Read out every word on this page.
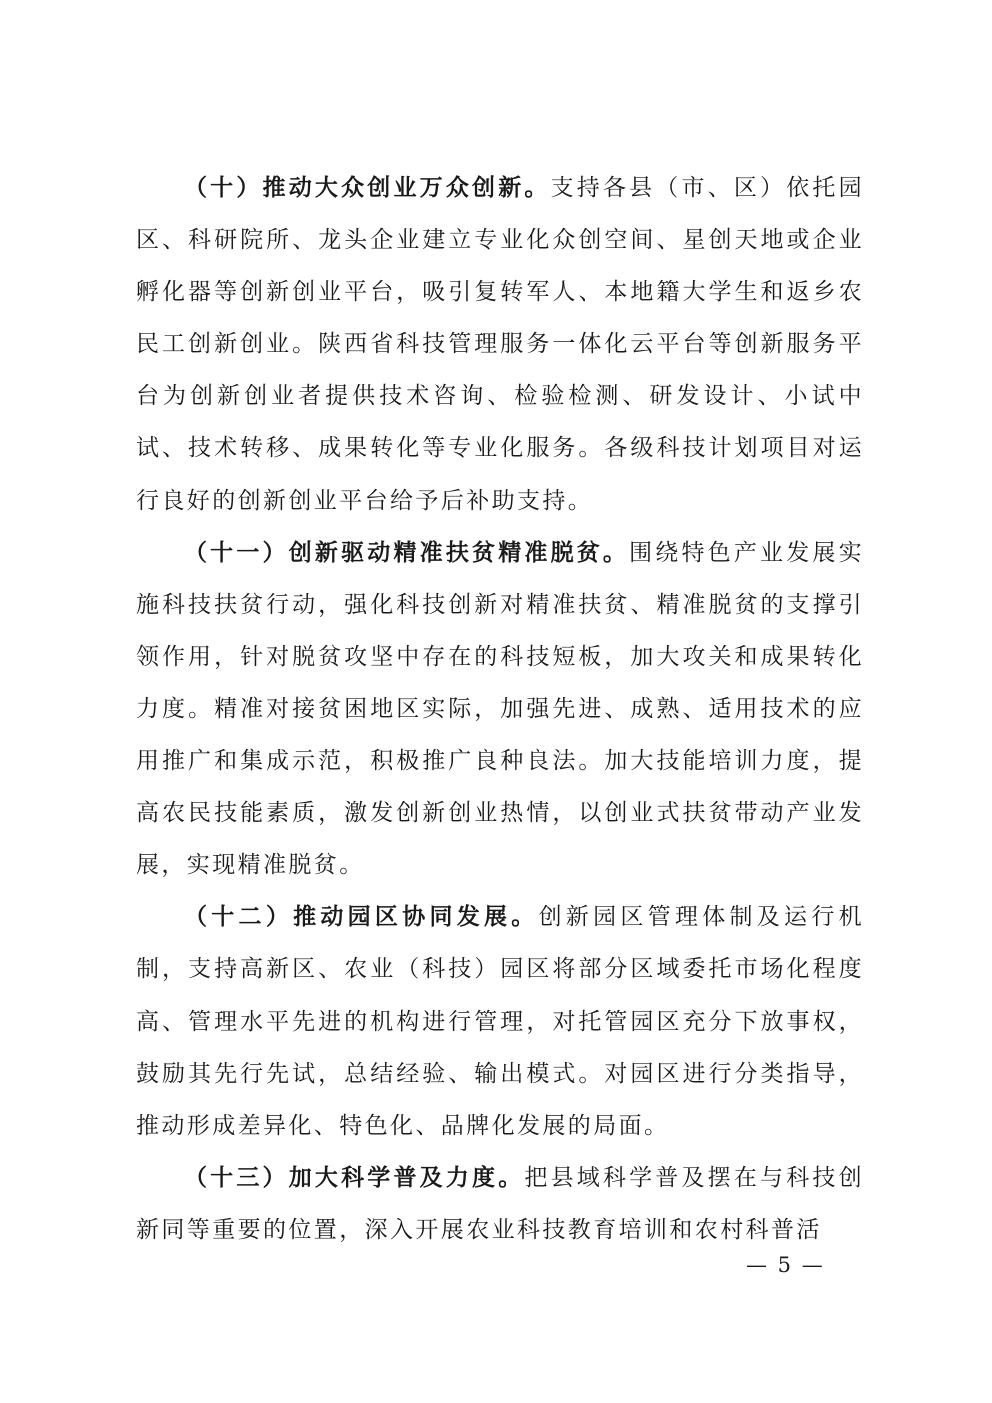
（十）推动大众创业万众创新。支持各县（市、区）依托园区、科研院所、龙头企业建立专业化众创空间、星创天地或企业孵化器等创新创业平台，吸引复转军人、本地籍大学生和返乡农民工创新创业。陕西省科技管理服务一体化云平台等创新服务平台为创新创业者提供技术咨询、检验检测、研发设计、小试中试、技术转移、成果转化等专业化服务。各级科技计划项目对运行良好的创新创业平台给予后补助支持。

（十一）创新驱动精准扶贫精准脱贫。围绕特色产业发展实施科技扶贫行动，强化科技创新对精准扶贫、精准脱贫的支撑引领作用，针对脱贫攻坚中存在的科技短板，加大攻关和成果转化力度。精准对接贫困地区实际，加强先进、成熟、适用技术的应用推广和集成示范，积极推广良种良法。加大技能培训力度，提高农民技能素质，激发创新创业热情，以创业式扶贫带动产业发展，实现精准脱贫。

（十二）推动园区协同发展。创新园区管理体制及运行机制，支持高新区、农业（科技）园区将部分区域委托市场化程度高、管理水平先进的机构进行管理，对托管园区充分下放事权，鼓励其先行先试，总结经验、输出模式。对园区进行分类指导，推动形成差异化、特色化、品牌化发展的局面。

（十三）加大科学普及力度。把县域科学普及摆在与科技创新同等重要的位置，深入开展农业科技教育培训和农村科普活

— 5 —
